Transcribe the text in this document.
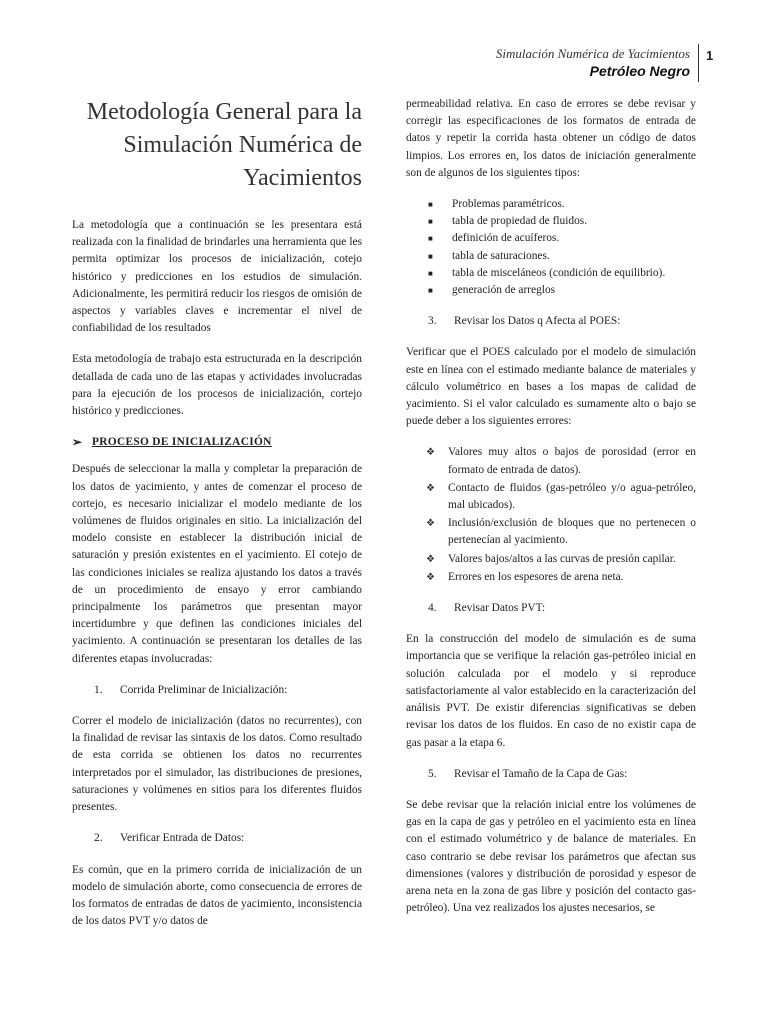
Simulación Numérica de Yacimientos
Petróleo Negro
1
Metodología General para la Simulación Numérica de Yacimientos

La metodología que a continuación se les presentara está realizada con la finalidad de brindarles una herramienta que les permita optimizar los procesos de inicialización, cotejo histórico y predicciones en los estudios de simulación. Adicionalmente, les permitirá reducir los riesgos de omisión de aspectos y variables claves e incrementar el nivel de confiabilidad de los resultados

Esta metodología de trabajo esta estructurada en la descripción detallada de cada uno de las etapas y actividades involucradas para la ejecución de los procesos de inicialización, cortejo histórico y predicciones.

➢ PROCESO DE INICIALIZACIÓN

Después de seleccionar la malla y completar la preparación de los datos de yacimiento, y antes de comenzar el proceso de cortejo, es necesario inicializar el modelo mediante de los volúmenes de fluidos originales en sitio. La inicialización del modelo consiste en establecer la distribución inicial de saturación y presión existentes en el yacimiento. El cotejo de las condiciones iniciales se realiza ajustando los datos a través de un procedimiento de ensayo y error cambiando principalmente los parámetros que presentan mayor incertidumbre y que definen las condiciones iniciales del yacimiento. A continuación se presentaran los detalles de las diferentes etapas involucradas:

1.	Corrida Preliminar de Inicialización:

Correr el modelo de inicialización (datos no recurrentes), con la finalidad de revisar las sintaxis de los datos. Como resultado de esta corrida se obtienen los datos no recurrentes interpretados por el simulador, las distribuciones de presiones, saturaciones y volúmenes en sitios para los diferentes fluidos presentes.

2.	Verificar Entrada de Datos:

Es común, que en la primero corrida de inicialización de un modelo de simulación aborte, como consecuencia de errores de los formatos de entradas de datos de yacimiento, inconsistencia de los datos PVT y/o datos de

permeabilidad relativa. En caso de errores se debe revisar y corregir las especificaciones de los formatos de entrada de datos y repetir la corrida hasta obtener un código de datos limpios. Los errores en, los datos de iniciación generalmente son de algunos de los siguientes tipos:

■	Problemas paramétricos.
■	tabla de propiedad de fluidos.
■	definición de acuíferos.
■	tabla de saturaciones.
■	tabla de misceláneos (condición de equilibrio).
■	generación de arreglos
3.	Revisar los Datos q Afecta al POES:

Verificar que el POES calculado por el modelo de simulación este en línea con el estimado mediante balance de materiales y cálculo volumétrico en bases a los mapas de calidad de yacimiento. Si el valor calculado es sumamente alto o bajo se puede deber a los siguientes errores:

❖	Valores muy altos o bajos de porosidad (error en formato de entrada de datos).
❖	Contacto de fluidos (gas-petróleo y/o agua-petróleo, mal ubicados).
❖	Inclusión/exclusión de bloques que no pertenecen o pertenecían al yacimiento.
❖	Valores bajos/altos a las curvas de presión capilar.
❖	Errores en los espesores de arena neta.
4.	Revisar Datos PVT:

En la construcción del modelo de simulación es de suma importancia que se verifique la relación gas-petróleo inicial en solución calculada por el modelo y si reproduce satisfactoriamente al valor establecido en la caracterización del análisis PVT. De existir diferencias significativas se deben revisar los datos de los fluidos. En caso de no existir capa de gas pasar a la etapa 6.

5.	Revisar el Tamaño de la Capa de Gas:

Se debe revisar que la relación inicial entre los volúmenes de gas en la capa de gas y petróleo en el yacimiento esta en línea con el estimado volumétrico y de balance de materiales. En caso contrario se debe revisar los parámetros que afectan sus dimensiones (valores y distribución de porosidad y espesor de arena neta en la zona de gas libre y posición del contacto gas-petróleo). Una vez realizados los ajustes necesarios, se
